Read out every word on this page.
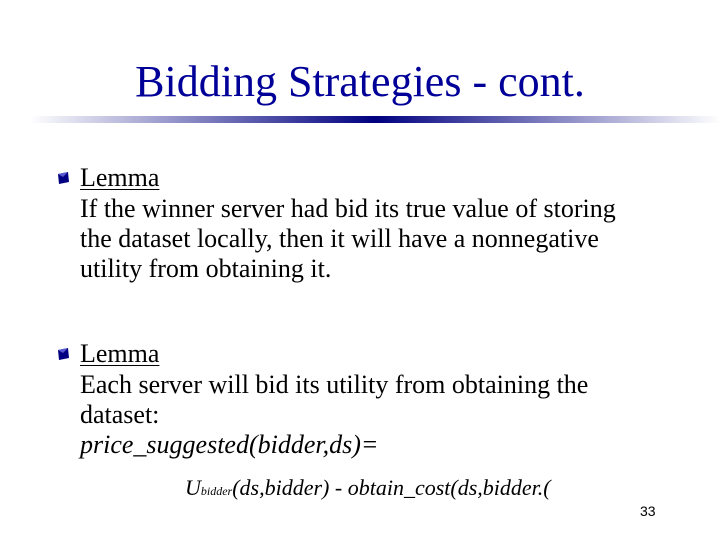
Bidding Strategies - cont.
Lemma
If the winner server had bid its true value of storing
the dataset locally, then it will have a nonnegative
utility from obtaining it.
Lemma
Each server will bid its utility from obtaining the
dataset:
price_suggested(bidder,ds)=
Ubidder(ds,bidder) - obtain_cost(ds,bidder.(
33
